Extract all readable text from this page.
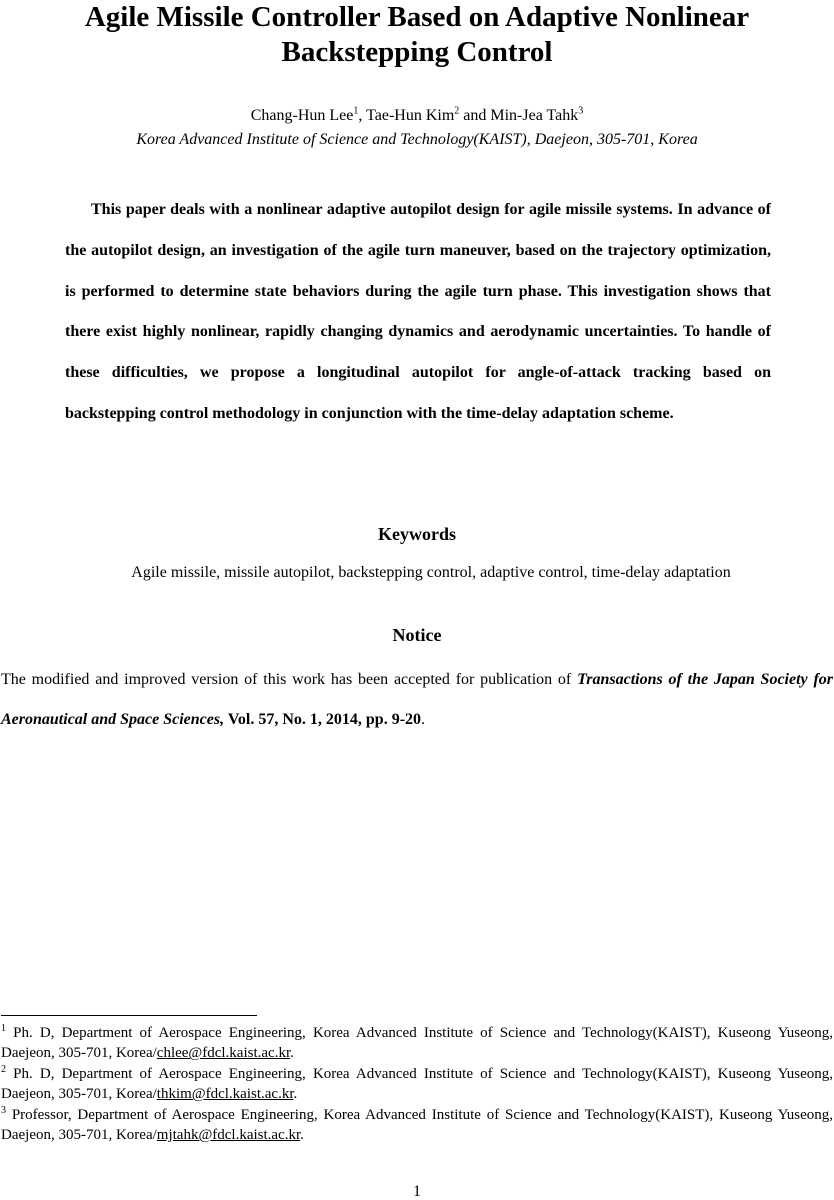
Agile Missile Controller Based on Adaptive Nonlinear
Backstepping Control
Chang-Hun Lee$^1$, Tae-Hun Kim$^2$ and Min-Jea Tahk$^3$
Korea Advanced Institute of Science and Technology(KAIST), Daejeon, 305-701, Korea

This paper deals with a nonlinear adaptive autopilot design for agile missile systems. In advance of the autopilot design, an investigation of the agile turn maneuver, based on the trajectory optimization, is performed to determine state behaviors during the agile turn phase. This investigation shows that there exist highly nonlinear, rapidly changing dynamics and aerodynamic uncertainties. To handle of these difficulties, we propose a longitudinal autopilot for angle-of-attack tracking based on backstepping control methodology in conjunction with the time-delay adaptation scheme.

Keywords
Agile missile, missile autopilot, backstepping control, adaptive control, time-delay adaptation
Notice

The modified and improved version of this work has been accepted for publication of Transactions of the Japan Society for Aeronautical and Space Sciences, Vol. 57, No. 1, 2014, pp. 9-20.

$^1$ Ph. D, Department of Aerospace Engineering, Korea Advanced Institute of Science and Technology(KAIST), Kuseong Yuseong, Daejeon, 305-701, Korea/chlee@fdcl.kaist.ac.kr.

$^2$ Ph. D, Department of Aerospace Engineering, Korea Advanced Institute of Science and Technology(KAIST), Kuseong Yuseong, Daejeon, 305-701, Korea/thkim@fdcl.kaist.ac.kr.

$^3$ Professor, Department of Aerospace Engineering, Korea Advanced Institute of Science and Technology(KAIST), Kuseong Yuseong, Daejeon, 305-701, Korea/mjtahk@fdcl.kaist.ac.kr.

1
